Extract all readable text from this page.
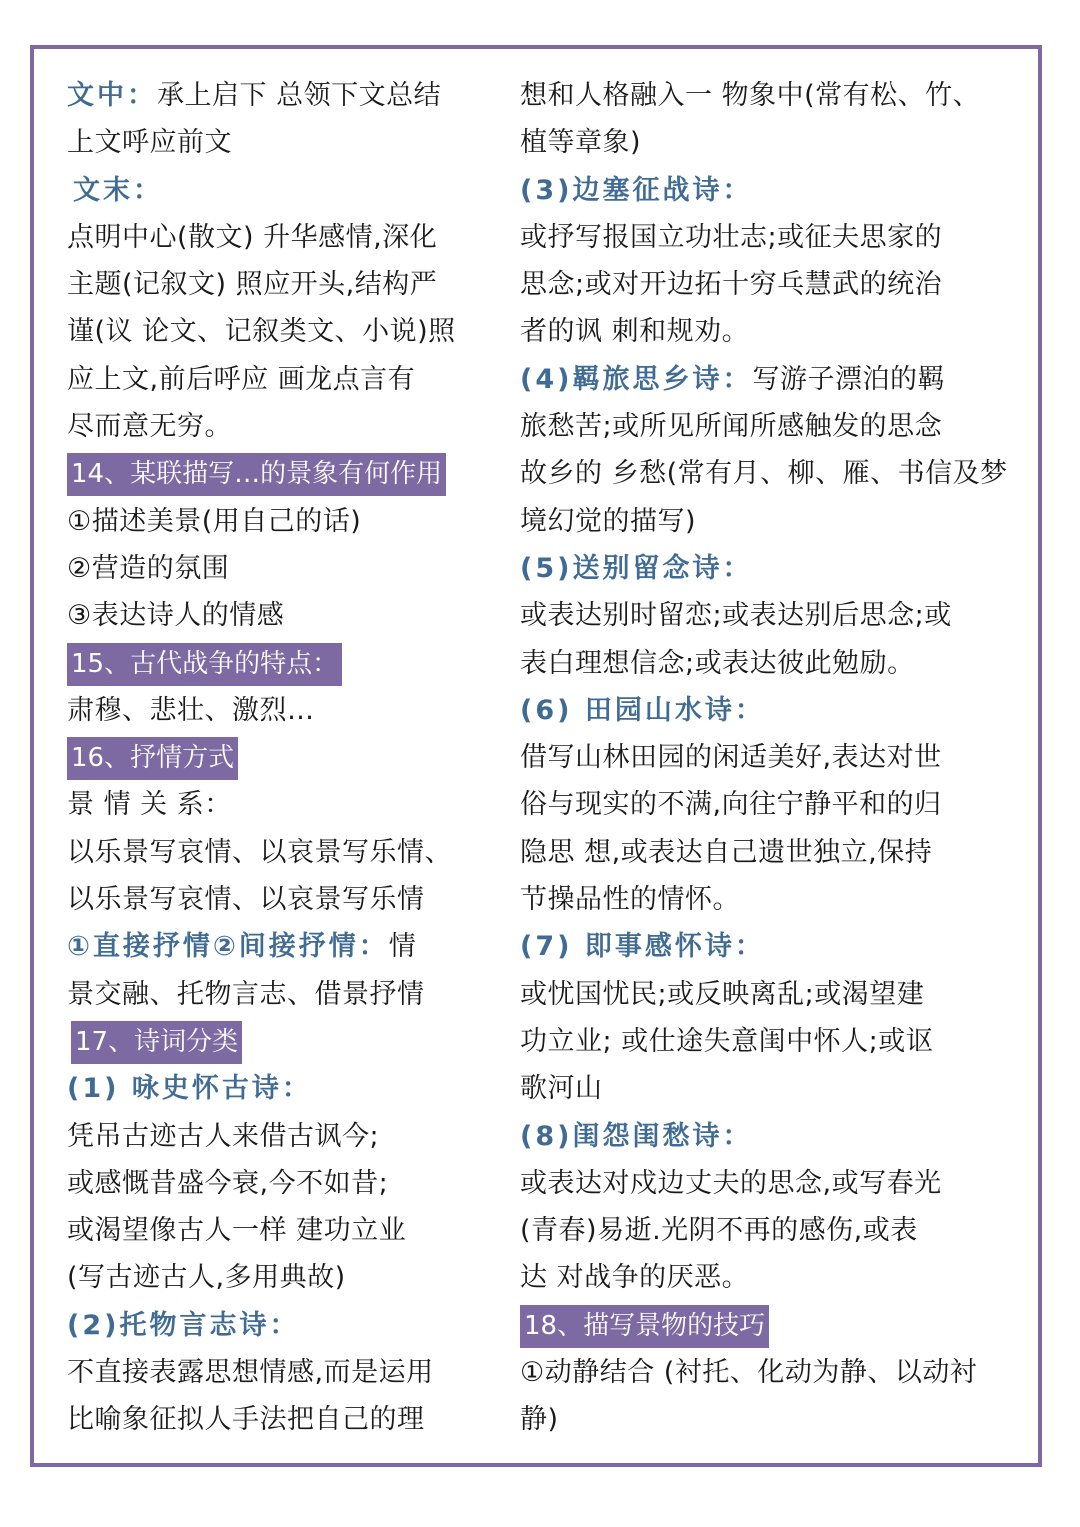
文中：承上启下 总领下文总结
上文呼应前文
文末：
点明中心(散文) 升华感情,深化
主题(记叙文) 照应开头,结构严
谨(议 论文、记叙类文、小说)照
应上文,前后呼应 画龙点言有
尽而意无穷。
14、某联描写…的景象有何作用
①描述美景(用自己的话)
②营造的氛围
③表达诗人的情感
15、古代战争的特点：
肃穆、悲壮、激烈…
16、抒情方式
景 情 关 系：
以乐景写哀情、以哀景写乐情、
以乐景写哀情、以哀景写乐情
①直接抒情②间接抒情：情
景交融、托物言志、借景抒情
17、诗词分类
(1) 咏史怀古诗：
凭吊古迹古人来借古讽今;
或感慨昔盛今衰,今不如昔;
或渴望像古人一样 建功立业
(写古迹古人,多用典故)
(2)托物言志诗：
不直接表露思想情感,而是运用
比喻象征拟人手法把自己的理
想和人格融入一 物象中(常有松、竹、
植等章象)
(3)边塞征战诗：
或抒写报国立功壮志;或征夫思家的
思念;或对开边拓十穷乓慧武的统治
者的讽 刺和规劝。
(4)羁旅思乡诗：写游子漂泊的羁
旅愁苦;或所见所闻所感触发的思念
故乡的 乡愁(常有月、柳、雁、书信及梦
境幻觉的描写)
(5)送别留念诗：
或表达别时留恋;或表达别后思念;或
表白理想信念;或表达彼此勉励。
(6) 田园山水诗：
借写山林田园的闲适美好,表达对世
俗与现实的不满,向往宁静平和的归
隐思 想,或表达自己遗世独立,保持
节操品性的情怀。
(7) 即事感怀诗：
或忧国忧民;或反映离乱;或渴望建
功立业; 或仕途失意闺中怀人;或讴
歌河山
(8)闺怨闺愁诗：
或表达对戍边丈夫的思念,或写春光
(青春)易逝.光阴不再的感伤,或表
达 对战争的厌恶。
18、描写景物的技巧
①动静结合 (衬托、化动为静、以动衬
静)
